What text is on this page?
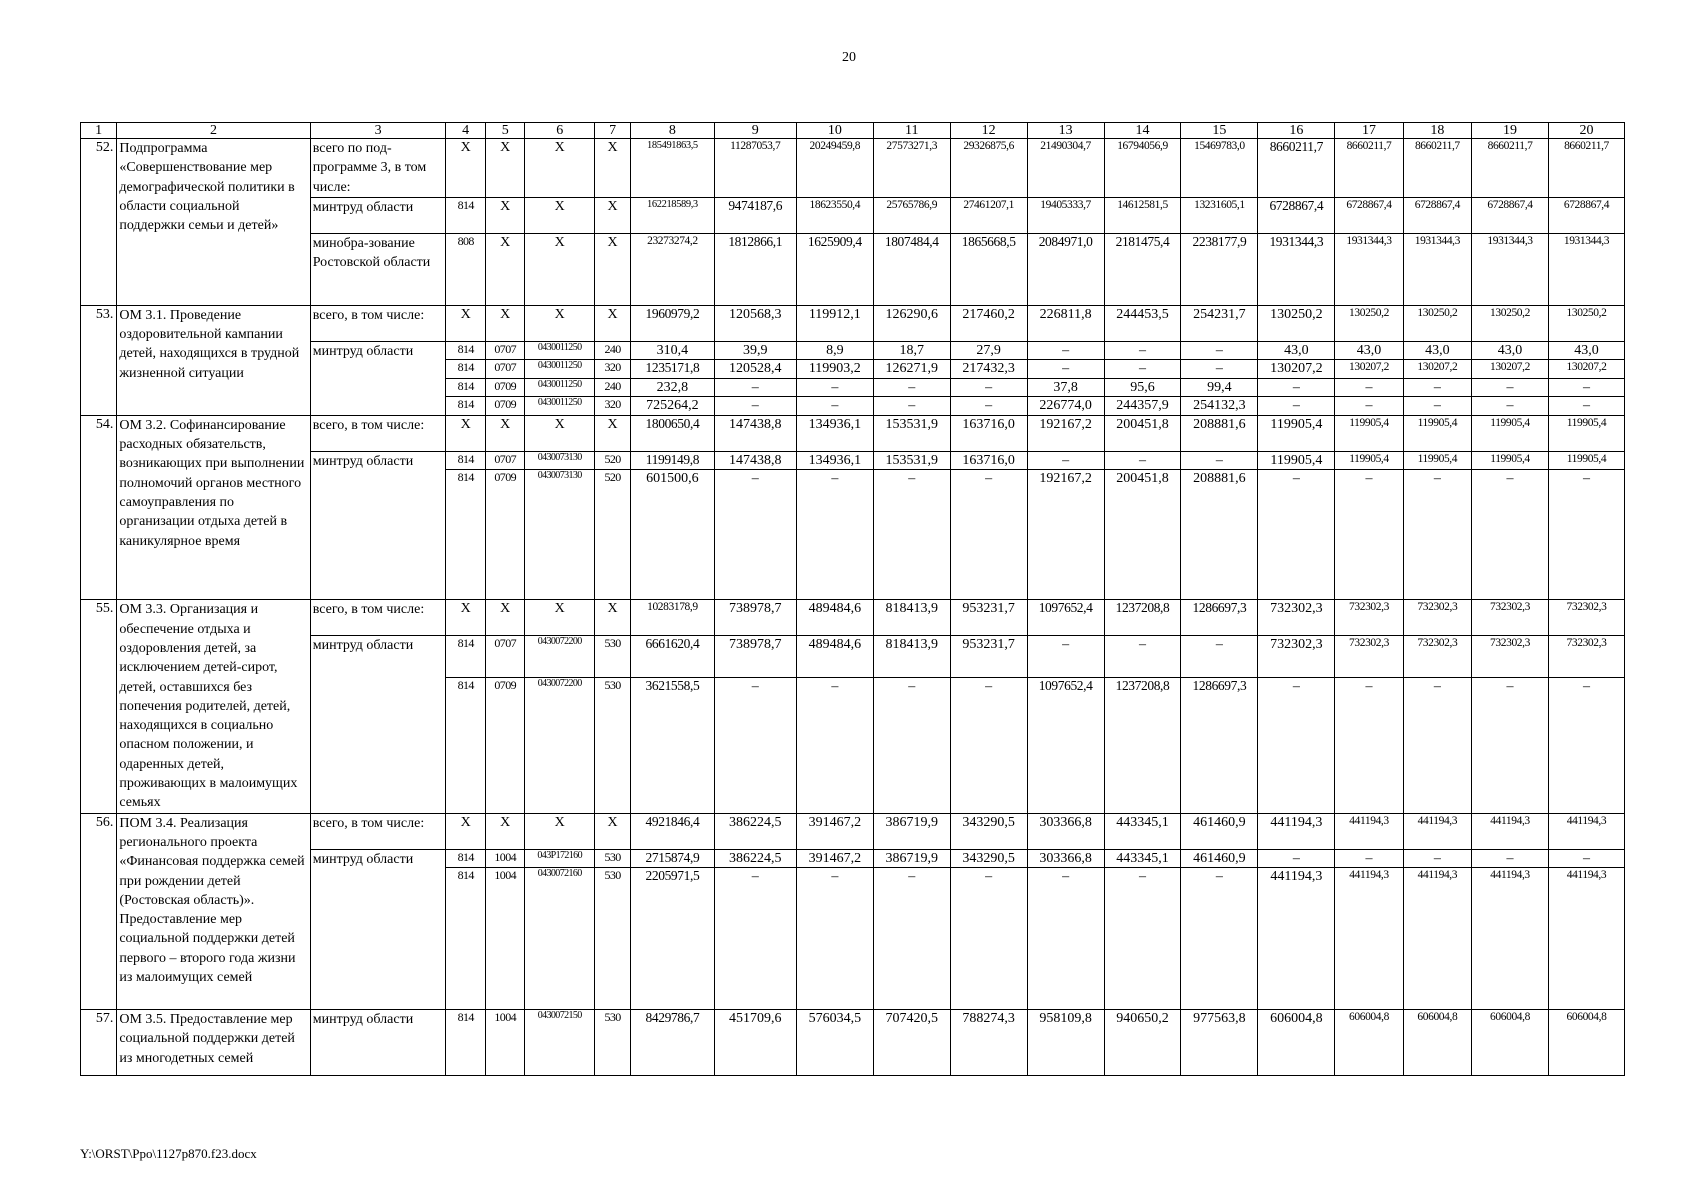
20
1	2	3	4	5	6	7	8	9	10	11	12	13	14	15	16	17	18	19	20
52.	Подпрограмма «Совершенствование мер демографической политики в области социальной поддержки семьи и детей»	всего по под-программе 3, в том числе:	X	X	X	X	185491863,5	11287053,7	20249459,8	27573271,3	29326875,6	21490304,7	16794056,9	15469783,0	8660211,7	8660211,7	8660211,7	8660211,7	8660211,7
		минтруд области	814	X	X	X	162218589,3	9474187,6	18623550,4	25765786,9	27461207,1	19405333,7	14612581,5	13231605,1	6728867,4	6728867,4	6728867,4	6728867,4	6728867,4
		минобра-зование Ростовской области	808	X	X	X	23273274,2	1812866,1	1625909,4	1807484,4	1865668,5	2084971,0	2181475,4	2238177,9	1931344,3	1931344,3	1931344,3	1931344,3	1931344,3
53.	ОМ 3.1. Проведение оздоровительной кампании детей, находящихся в трудной жизненной ситуации	всего, в том числе:	X	X	X	X	1960979,2	120568,3	119912,1	126290,6	217460,2	226811,8	244453,5	254231,7	130250,2	130250,2	130250,2	130250,2	130250,2
		минтруд области	814	0707	0430011250	240	310,4	39,9	8,9	18,7	27,9	–	–	–	43,0	43,0	43,0	43,0	43,0
			814	0707	0430011250	320	1235171,8	120528,4	119903,2	126271,9	217432,3	–	–	–	130207,2	130207,2	130207,2	130207,2	130207,2
			814	0709	0430011250	240	232,8	–	–	–	–	37,8	95,6	99,4	–	–	–	–	–
			814	0709	0430011250	320	725264,2	–	–	–	–	226774,0	244357,9	254132,3	–	–	–	–	–
54.	ОМ 3.2. Софинансирование расходных обязательств, возникающих при выполнении полномочий органов местного самоуправления по организации отдыха детей в каникулярное время	всего, в том числе:	X	X	X	X	1800650,4	147438,8	134936,1	153531,9	163716,0	192167,2	200451,8	208881,6	119905,4	119905,4	119905,4	119905,4	119905,4
		минтруд области	814	0707	0430073130	520	1199149,8	147438,8	134936,1	153531,9	163716,0	–	–	–	119905,4	119905,4	119905,4	119905,4	119905,4
			814	0709	0430073130	520	601500,6	–	–	–	–	192167,2	200451,8	208881,6	–	–	–	–	–
55.	ОМ 3.3. Организация и обеспечение отдыха и оздоровления детей, за исключением детей-сирот, детей, оставшихся без попечения родителей, детей, находящихся в социально опасном положении, и одаренных детей, проживающих в малоимущих семьях	всего, в том числе:	X	X	X	X	10283178,9	738978,7	489484,6	818413,9	953231,7	1097652,4	1237208,8	1286697,3	732302,3	732302,3	732302,3	732302,3	732302,3
		минтруд области	814	0707	0430072200	530	6661620,4	738978,7	489484,6	818413,9	953231,7	–	–	–	732302,3	732302,3	732302,3	732302,3	732302,3
			814	0709	0430072200	530	3621558,5	–	–	–	–	1097652,4	1237208,8	1286697,3	–	–	–	–	–
56.	ПОМ 3.4. Реализация регионального проекта «Финансовая поддержка семей при рождении детей (Ростовская область)». Предоставление мер социальной поддержки детей первого – второго года жизни из малоимущих семей	всего, в том числе:	X	X	X	X	4921846,4	386224,5	391467,2	386719,9	343290,5	303366,8	443345,1	461460,9	441194,3	441194,3	441194,3	441194,3	441194,3
		минтруд области	814	1004	043P172160	530	2715874,9	386224,5	391467,2	386719,9	343290,5	303366,8	443345,1	461460,9	–	–	–	–	–
			814	1004	0430072160	530	2205971,5	–	–	–	–	–	–	–	441194,3	441194,3	441194,3	441194,3	441194,3
57.	ОМ 3.5. Предоставление мер социальной поддержки детей из многодетных семей	минтруд области	814	1004	0430072150	530	8429786,7	451709,6	576034,5	707420,5	788274,3	958109,8	940650,2	977563,8	606004,8	606004,8	606004,8	606004,8	606004,8
Y:\ORST\Ppo\1127p870.f23.docx
